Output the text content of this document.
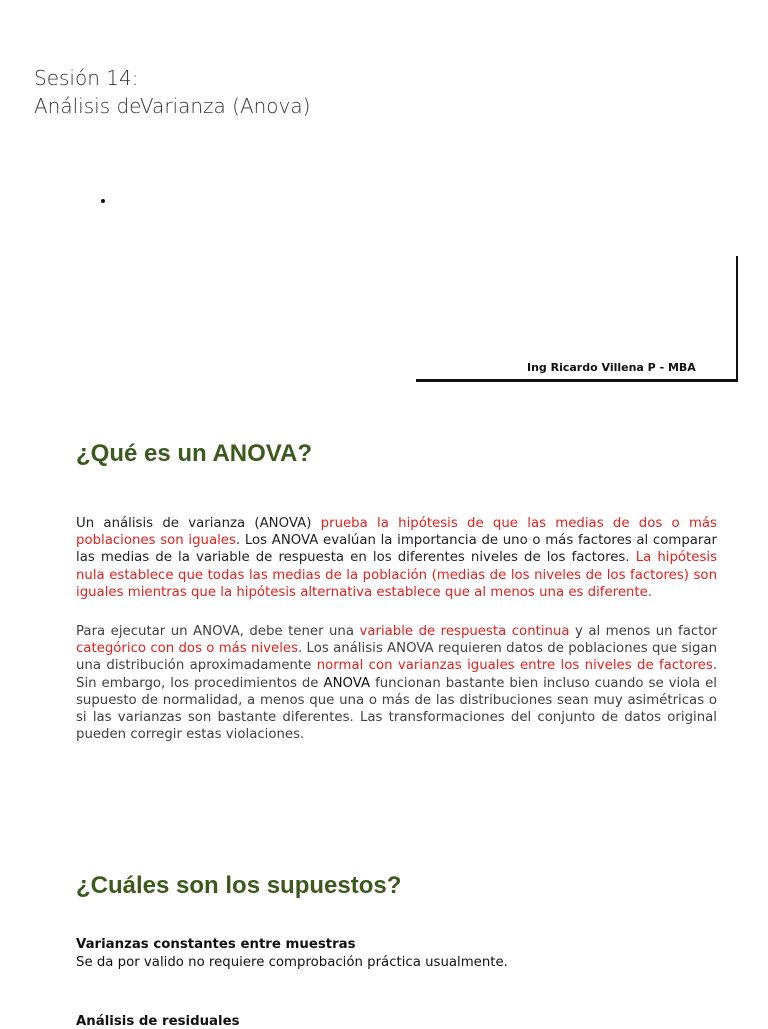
Sesión 14:
Análisis deVarianza (Anova)
Ing Ricardo Villena P - MBA
¿Qué es un ANOVA?
Un análisis de varianza (ANOVA) prueba la hipótesis de que las medias de dos o más poblaciones son iguales. Los ANOVA evalúan la importancia de uno o más factores al comparar las medias de la variable de respuesta en los diferentes niveles de los factores. La hipótesis nula establece que todas las medias de la población (medias de los niveles de los factores) son iguales mientras que la hipótesis alternativa establece que al menos una es diferente.
Para ejecutar un ANOVA, debe tener una variable de respuesta continua y al menos un factor categórico con dos o más niveles. Los análisis ANOVA requieren datos de poblaciones que sigan una distribución aproximadamente normal con varianzas iguales entre los niveles de factores. Sin embargo, los procedimientos de ANOVA funcionan bastante bien incluso cuando se viola el supuesto de normalidad, a menos que una o más de las distribuciones sean muy asimétricas o si las varianzas son bastante diferentes. Las transformaciones del conjunto de datos original pueden corregir estas violaciones.
¿Cuáles son los supuestos?
Varianzas constantes entre muestras
Se da por valido no requiere comprobación práctica usualmente.
Análisis de residuales
